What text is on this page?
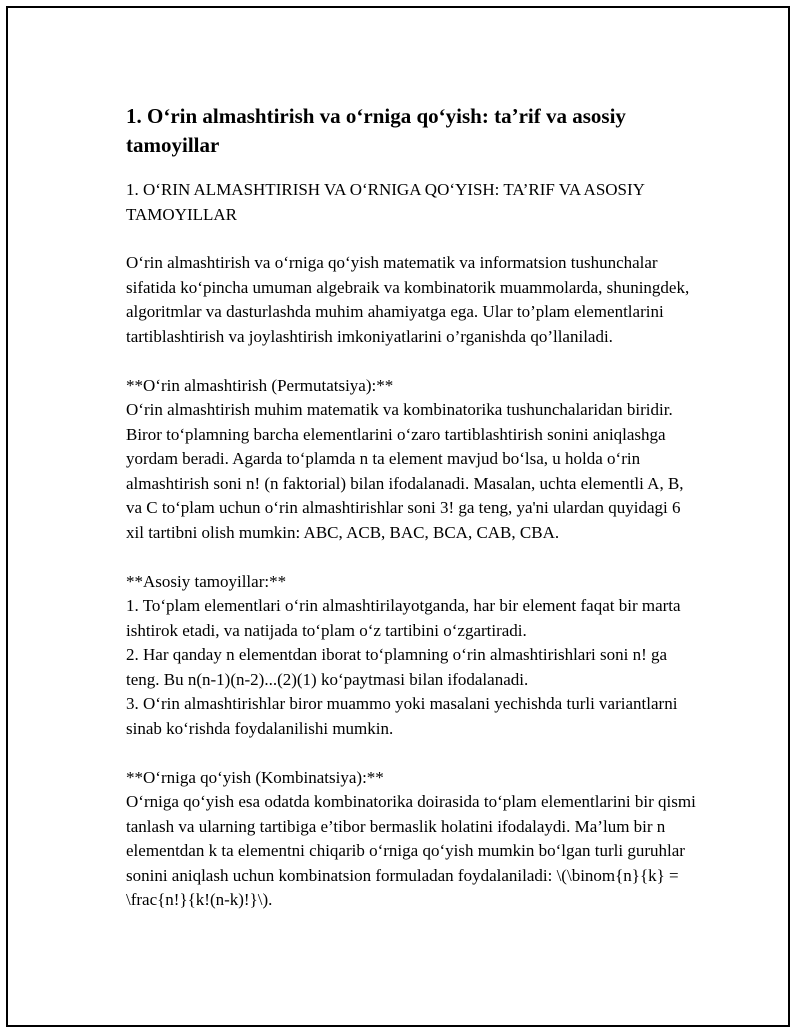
1. O‘rin almashtirish va o‘rniga qo‘yish: ta’rif va asosiy tamoyillar
1. O‘RIN ALMASHTIRISH VA O‘RNIGA QO‘YISH: TA’RIF VA ASOSIY TAMOYILLAR
O‘rin almashtirish va o‘rniga qo‘yish matematik va informatsion tushunchalar sifatida ko‘pincha umuman algebraik va kombinatorik muammolarda, shuningdek, algoritmlar va dasturlashda muhim ahamiyatga ega. Ular to’plam elementlarini tartiblashtirish va joylashtirish imkoniyatlarini o’rganishda qo’llaniladi.
**O‘rin almashtirish (Permutatsiya):**
O‘rin almashtirish muhim matematik va kombinatorika tushunchalaridan biridir. Biror to‘plamning barcha elementlarini o‘zaro tartiblashtirish sonini aniqlashga yordam beradi. Agarda to‘plamda n ta element mavjud bo‘lsa, u holda o‘rin almashtirish soni n! (n faktorial) bilan ifodalanadi. Masalan, uchta elementli A, B, va C to‘plam uchun o‘rin almashtirishlar soni 3! ga teng, ya'ni ulardan quyidagi 6 xil tartibni olish mumkin: ABC, ACB, BAC, BCA, CAB, CBA.
**Asosiy tamoyillar:**
1. To‘plam elementlari o‘rin almashtirilayotganda, har bir element faqat bir marta ishtirok etadi, va natijada to‘plam o‘z tartibini o‘zgartiradi.
2. Har qanday n elementdan iborat to‘plamning o‘rin almashtirishlari soni n! ga teng. Bu n(n-1)(n-2)...(2)(1) ko‘paytmasi bilan ifodalanadi.
3. O‘rin almashtirishlar biror muammo yoki masalani yechishda turli variantlarni sinab ko‘rishda foydalanilishi mumkin.
**O‘rniga qo‘yish (Kombinatsiya):**
O‘rniga qo‘yish esa odatda kombinatorika doirasida to‘plam elementlarini bir qismi tanlash va ularning tartibiga e’tibor bermaslik holatini ifodalaydi. Ma’lum bir n elementdan k ta elementni chiqarib o‘rniga qo‘yish mumkin bo‘lgan turli guruhlar sonini aniqlash uchun kombinatsion formuladan foydalaniladi: \(\binom{n}{k} = \frac{n!}{k!(n-k)!}\).
